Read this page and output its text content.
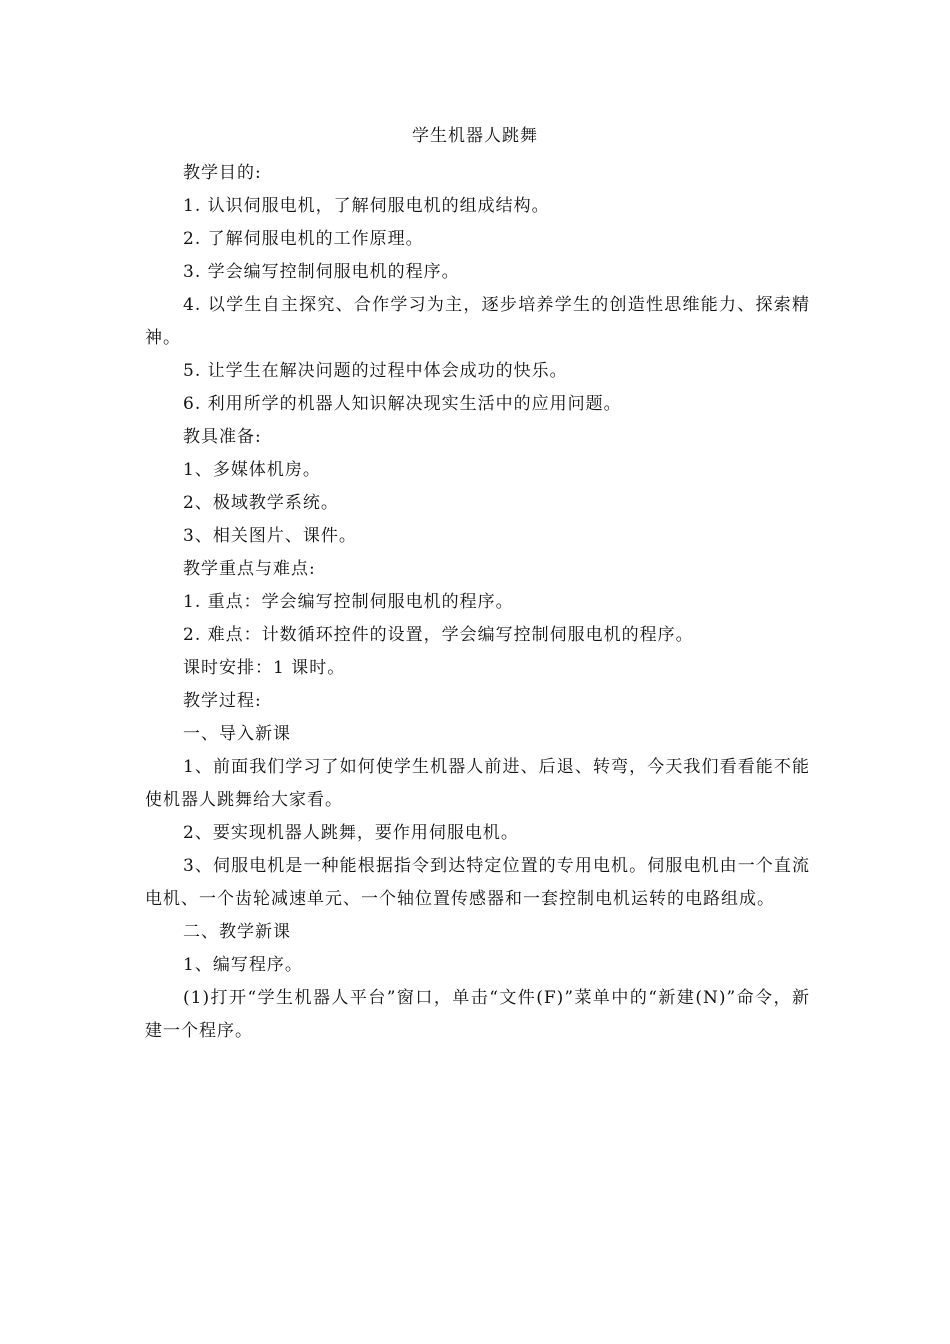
学生机器人跳舞

教学目的:

1. 认识伺服电机，了解伺服电机的组成结构。

2. 了解伺服电机的工作原理。

3. 学会编写控制伺服电机的程序。

4. 以学生自主探究、合作学习为主，逐步培养学生的创造性思维能力、探索精神。

5. 让学生在解决问题的过程中体会成功的快乐。

6. 利用所学的机器人知识解决现实生活中的应用问题。

教具准备:

1、多媒体机房。

2、极域教学系统。

3、相关图片、课件。

教学重点与难点:

1. 重点：学会编写控制伺服电机的程序。

2. 难点：计数循环控件的设置，学会编写控制伺服电机的程序。

课时安排：1 课时。

教学过程:

一、导入新课

1、前面我们学习了如何使学生机器人前进、后退、转弯，今天我们看看能不能使机器人跳舞给大家看。

2、要实现机器人跳舞，要作用伺服电机。

3、伺服电机是一种能根据指令到达特定位置的专用电机。伺服电机由一个直流电机、一个齿轮减速单元、一个轴位置传感器和一套控制电机运转的电路组成。

二、教学新课

1、编写程序。

(1)打开“学生机器人平台”窗口，单击“文件(F)”菜单中的“新建(N)”命令，新建一个程序。
